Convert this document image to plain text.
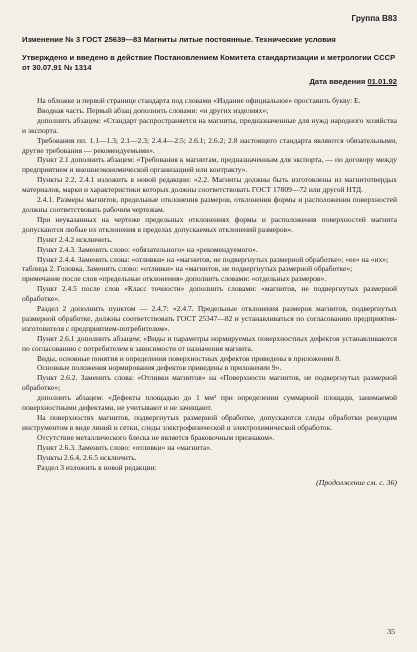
Группа В83
Изменение № 3 ГОСТ 25639—83 Магниты литые постоянные. Технические условия
Утверждено и введено в действие Постановлением Комитета стандартизации и метрологии СССР от 30.07.91 № 1314
Дата введения 01.01.92

На обложке и первой странице стандарта под словами «Издание официальное» проставить букву: Е.

Вводная часть. Первый абзац дополнить словами: «и других изделиях»;

дополнить абзацем: «Стандарт распространяется на магниты, предназначенные для нужд народного хозяйства и экспорта.

Требования пп. 1.1—1.3; 2.1—2.3; 2.4.4—2.5; 2.6.1; 2.6.2; 2.8 настоящего стандарта являются обязательными, другие требования — рекомендуемыми».

Пункт 2.1 дополнить абзацем: «Требования к магнитам, предназначенным для экспорта, — по договору между предприятием и внешнеэкономической организацией или контракту».

Пункты 2.2, 2.4.1 изложить в новой редакции: «2.2. Магниты должны быть изготовлены из магнитотвердых материалов, марки и характеристики которых должны соответствовать ГОСТ 17809—72 или другой НТД.

2.4.1. Размеры магнитов, предельные отклонения размеров, отклонения формы и расположения поверхностей должны соответствовать рабочим чертежам.

При неуказанных на чертеже предельных отклонениях формы и расположения поверхностей магнита допускаются любые их отклонения в пределах допускаемых отклонений размеров».

Пункт 2.4.2 исключить.

Пункт 2.4.3. Заменить слово: «обязательного» на «рекомендуемого».

Пункт 2.4.4. Заменить слова: «отливки» на «магнитов, не подвергнутых размерной обработке»; «ее» на «их»;

таблица 2. Головка. Заменить слово: «отливки» на «магнитов, не подвергнутых размерной обработке»;

примечание после слов «предельные отклонения» дополнить словами: «отдельных размеров».

Пункт 2.4.5 после слов «Класс точности» дополнить словами: «магнитов, не подвергнутых размерной обработке».

Раздел 2 дополнить пунктом — 2.4.7: «2.4.7. Предельные отклонения размеров магнитов, подвергнутых размерной обработке, должны соответствовать ГОСТ 25347—82 и устанавливаться по согласованию предприятия-изготовителя с предприятием-потребителем».

Пункт 2.6.1 дополнить абзацем: «Виды и параметры нормируемых поверхностных дефектов устанавливаются по согласованию с потребителем в зависимости от назначения магнита.

Виды, основные понятия и определения поверхностных дефектов приведены в приложении 8.

Основные положения нормирования дефектов приведены в приложении 9».

Пункт 2.6.2. Заменить слова: «Отливки магнитов» на «Поверхности магнитов, не подвергнутых размерной обработке»;

дополнить абзацем: «Дефекты площадью до 1 мм² при определении суммарной площади, занимаемой поверхностными дефектами, не учитывают и не зачищают.

На поверхностях магнитов, подвергнутых размерной обработке, допускаются следы обработки режущим инструментом в виде линий и сетки, следы электрофизической и электрохимической обработок.

Отсутствие металлического блеска не является браковочным признаком».

Пункт 2.6.3. Заменить слово: «отливки» на «магнита».

Пункты 2.6.4, 2.6.5 исключить.

Раздел 3 изложить в новой редакции:

(Продолжение см. с. 36)
35
